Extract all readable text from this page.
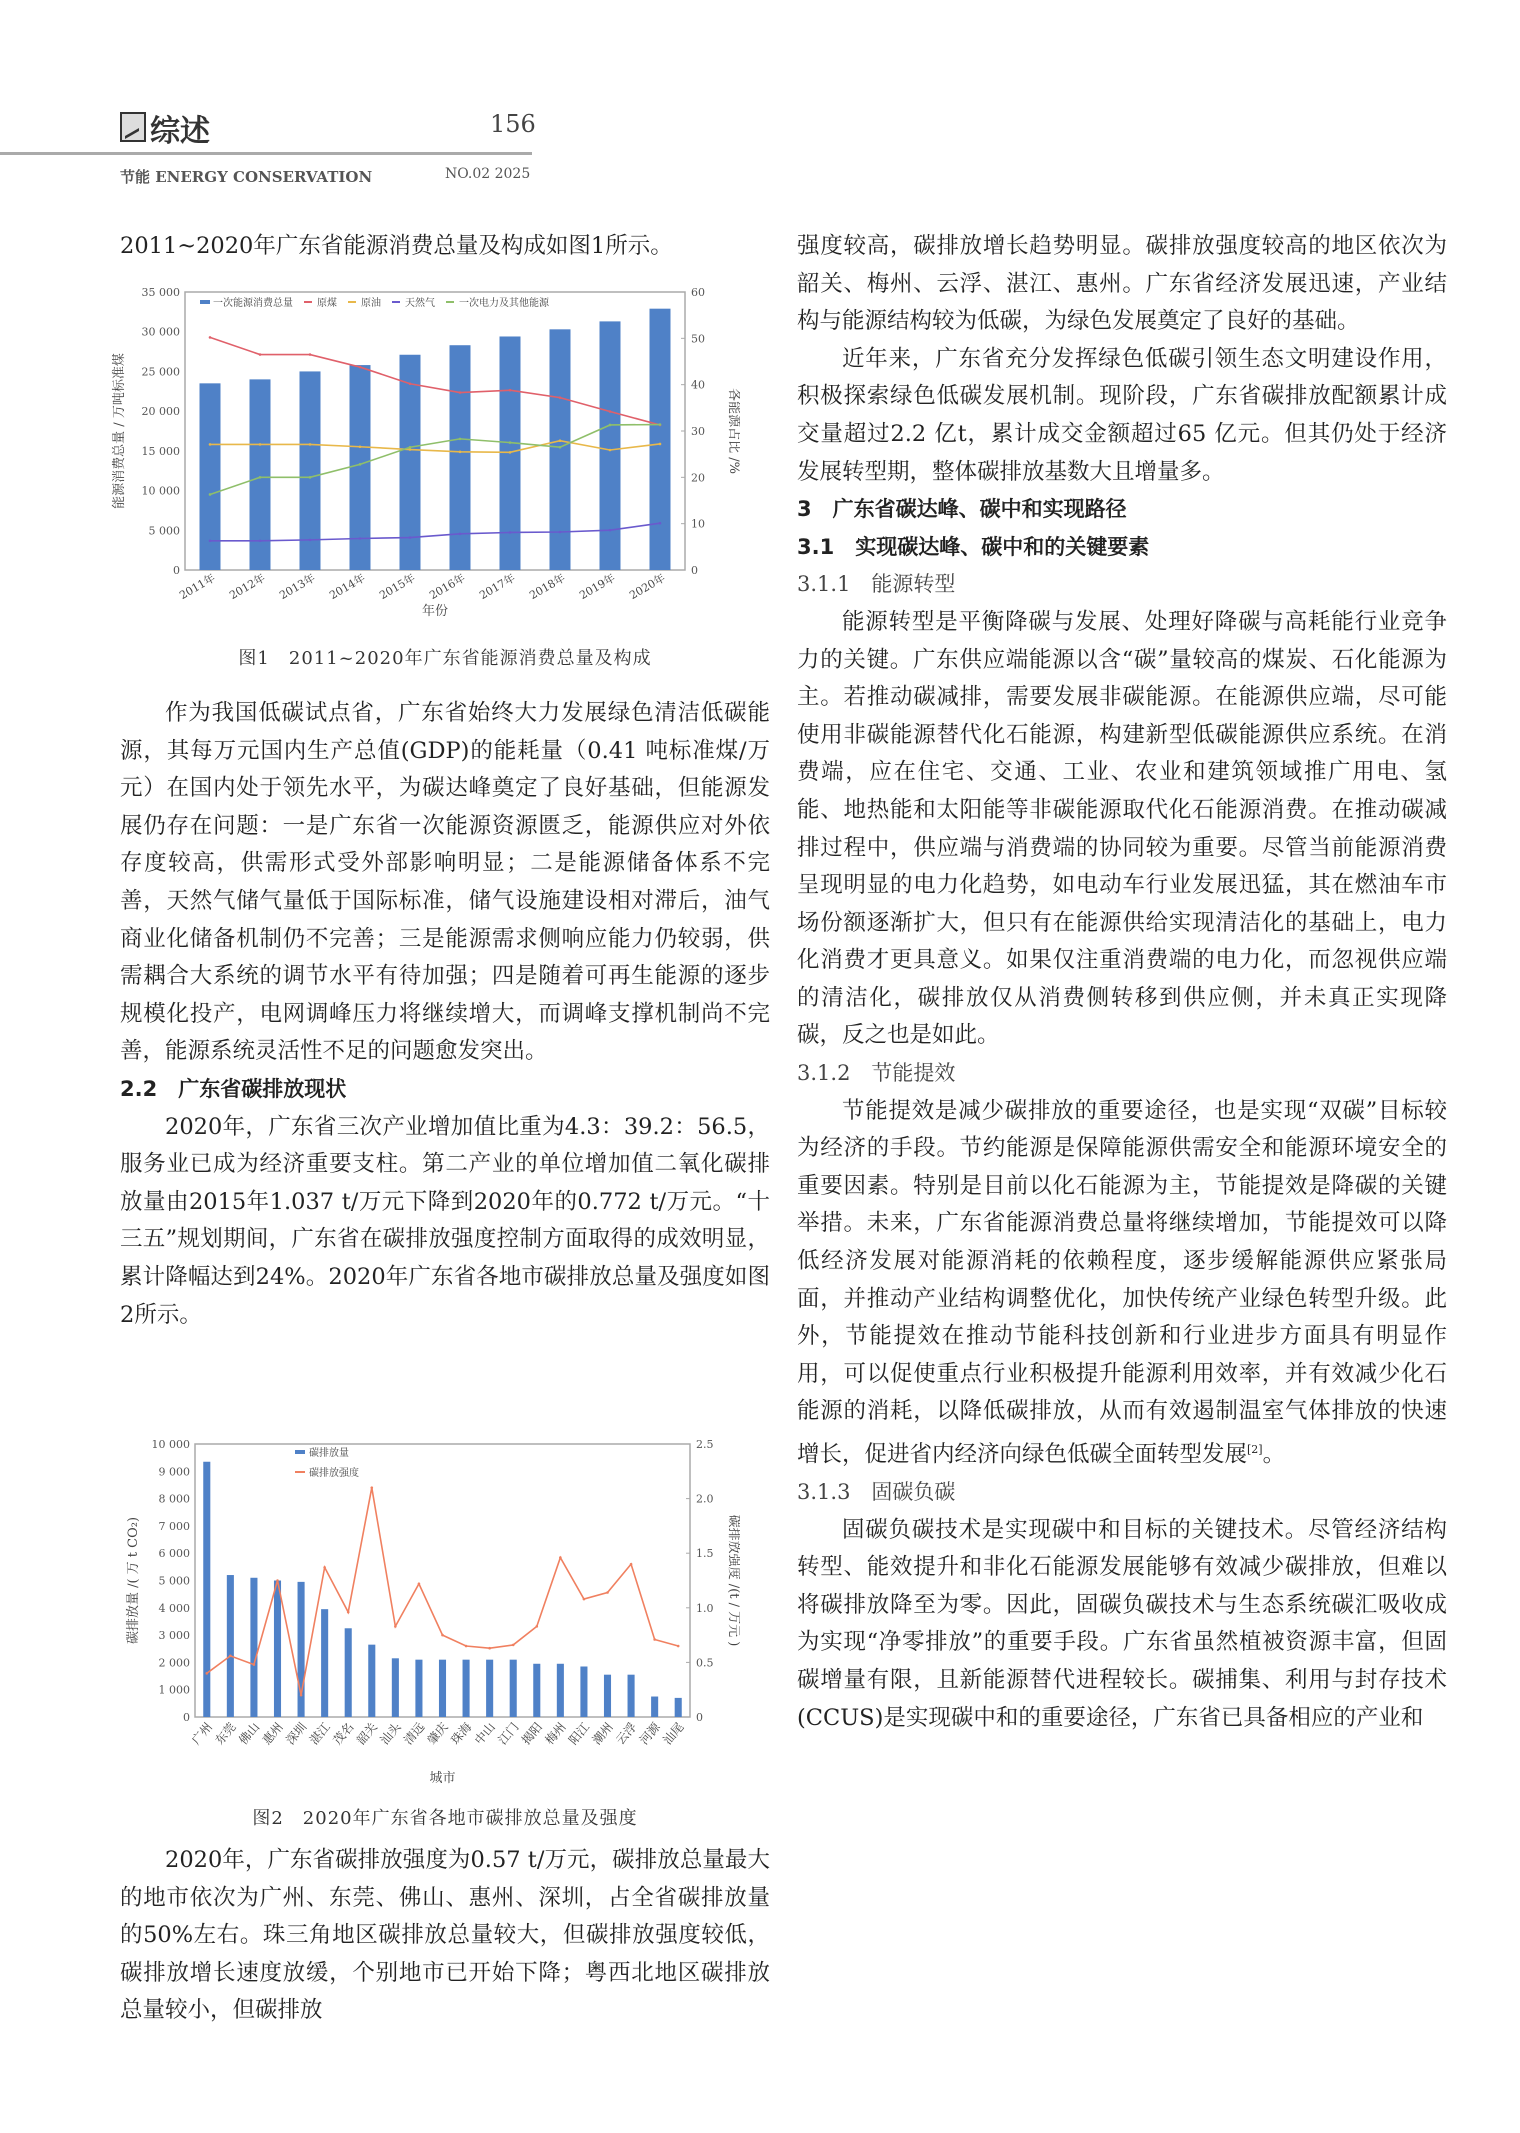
综述	156
节能 ENERGY CONSERVATION	NO.02 2025

2011~2020年广东省能源消费总量及构成如图1所示。

0
5 000
10 000
15 000
20 000
25 000
30 000
35 000
0
10
20
30
40
50
60
能源消费总量 / 万吨标准煤	各能源占比 /%
2011年 2012年 2013年 2014年 2015年 2016年 2017年 2018年 2019年 2020年
年份
一次能源消费总量 原煤 原油 天然气 一次电力及其他能源
图1　2011~2020年广东省能源消费总量及构成

作为我国低碳试点省，广东省始终大力发展绿色清洁低碳能源，其每万元国内生产总值(GDP)的能耗量（0.41 吨标准煤/万元）在国内处于领先水平，为碳达峰奠定了良好基础，但能源发展仍存在问题：一是广东省一次能源资源匮乏，能源供应对外依存度较高，供需形式受外部影响明显；二是能源储备体系不完善，天然气储气量低于国际标准，储气设施建设相对滞后，油气商业化储备机制仍不完善；三是能源需求侧响应能力仍较弱，供需耦合大系统的调节水平有待加强；四是随着可再生能源的逐步规模化投产，电网调峰压力将继续增大，而调峰支撑机制尚不完善，能源系统灵活性不足的问题愈发突出。

2.2　广东省碳排放现状

2020年，广东省三次产业增加值比重为4.3：39.2：56.5，服务业已成为经济重要支柱。第二产业的单位增加值二氧化碳排放量由2015年1.037 t/万元下降到2020年的0.772 t/万元。“十三五”规划期间，广东省在碳排放强度控制方面取得的成效明显，累计降幅达到24%。2020年广东省各地市碳排放总量及强度如图2所示。

0
1 000
2 000
3 000
4 000
5 000
6 000
7 000
8 000
9 000
10 000
0
0.5
1.0
1.5
2.0
2.5
碳排放量 /( 万 t CO₂)	碳排放强度 /(t / 万元 )
广州
东莞
佛山
惠州
深圳
湛江
茂名
韶关
汕头
清远
肇庆
珠海
中山
江门
揭阳
梅州
阳江
潮州
云浮
河源
汕尾
城市
碳排放量
碳排放强度
图2　2020年广东省各地市碳排放总量及强度

2020年，广东省碳排放强度为0.57 t/万元，碳排放总量最大的地市依次为广州、东莞、佛山、惠州、深圳，占全省碳排放量的50%左右。珠三角地区碳排放总量较大，但碳排放强度较低，碳排放增长速度放缓，个别地市已开始下降；粤西北地区碳排放总量较小，但碳排放

强度较高，碳排放增长趋势明显。碳排放强度较高的地区依次为韶关、梅州、云浮、湛江、惠州。广东省经济发展迅速，产业结构与能源结构较为低碳，为绿色发展奠定了良好的基础。

近年来，广东省充分发挥绿色低碳引领生态文明建设作用，积极探索绿色低碳发展机制。现阶段，广东省碳排放配额累计成交量超过2.2 亿t，累计成交金额超过65 亿元。但其仍处于经济发展转型期，整体碳排放基数大且增量多。

3　广东省碳达峰、碳中和实现路径

3.1　实现碳达峰、碳中和的关键要素

3.1.1　能源转型

能源转型是平衡降碳与发展、处理好降碳与高耗能行业竞争力的关键。广东供应端能源以含“碳”量较高的煤炭、石化能源为主。若推动碳减排，需要发展非碳能源。在能源供应端，尽可能使用非碳能源替代化石能源，构建新型低碳能源供应系统。在消费端，应在住宅、交通、工业、农业和建筑领域推广用电、氢能、地热能和太阳能等非碳能源取代化石能源消费。在推动碳减排过程中，供应端与消费端的协同较为重要。尽管当前能源消费呈现明显的电力化趋势，如电动车行业发展迅猛，其在燃油车市场份额逐渐扩大，但只有在能源供给实现清洁化的基础上，电力化消费才更具意义。如果仅注重消费端的电力化，而忽视供应端的清洁化，碳排放仅从消费侧转移到供应侧，并未真正实现降碳，反之也是如此。

3.1.2　节能提效

节能提效是减少碳排放的重要途径，也是实现“双碳”目标较为经济的手段。节约能源是保障能源供需安全和能源环境安全的重要因素。特别是目前以化石能源为主，节能提效是降碳的关键举措。未来，广东省能源消费总量将继续增加，节能提效可以降低经济发展对能源消耗的依赖程度，逐步缓解能源供应紧张局面，并推动产业结构调整优化，加快传统产业绿色转型升级。此外，节能提效在推动节能科技创新和行业进步方面具有明显作用，可以促使重点行业积极提升能源利用效率，并有效减少化石能源的消耗，以降低碳排放，从而有效遏制温室气体排放的快速增长，促进省内经济向绿色低碳全面转型发展[2]。

3.1.3　固碳负碳

固碳负碳技术是实现碳中和目标的关键技术。尽管经济结构转型、能效提升和非化石能源发展能够有效减少碳排放，但难以将碳排放降至为零。因此，固碳负碳技术与生态系统碳汇吸收成为实现“净零排放”的重要手段。广东省虽然植被资源丰富，但固碳增量有限，且新能源替代进程较长。碳捕集、利用与封存技术(CCUS)是实现碳中和的重要途径，广东省已具备相应的产业和
